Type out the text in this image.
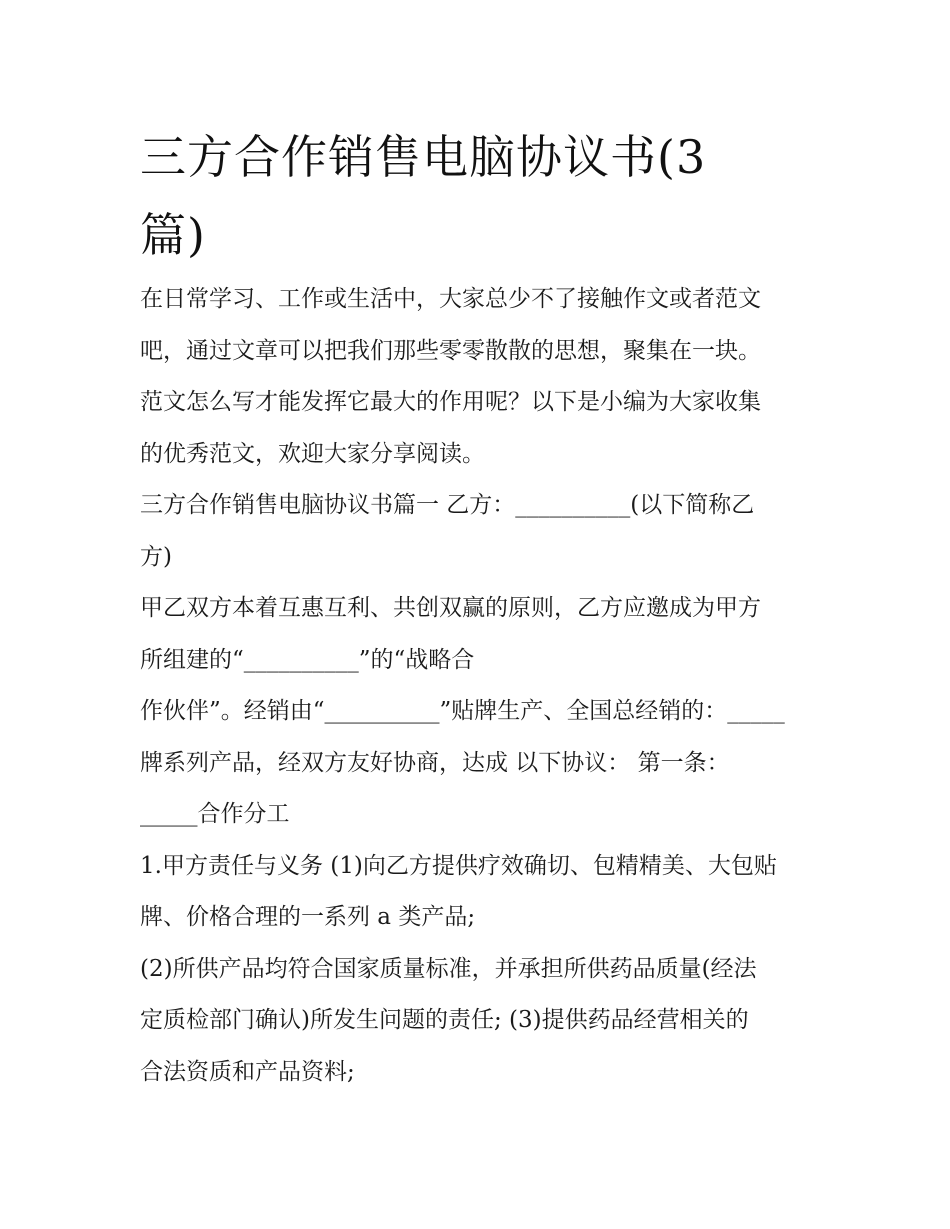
三方合作销售电脑协议书(3
篇)

在日常学习、工作或生活中，大家总少不了接触作文或者范文
吧，通过文章可以把我们那些零零散散的思想，聚集在一块。
范文怎么写才能发挥它最大的作用呢？以下是小编为大家收集
的优秀范文，欢迎大家分享阅读。

三方合作销售电脑协议书篇一 乙方：__________(以下简称乙
方)

甲乙双方本着互惠互利、共创双赢的原则，乙方应邀成为甲方
所组建的“__________”的“战略合

作伙伴”。经销由“__________”贴牌生产、全国总经销的：_____
牌系列产品，经双方友好协商，达成 以下协议： 第一条：
_____合作分工

1.甲方责任与义务 (1)向乙方提供疗效确切、包精精美、大包贴
牌、价格合理的一系列 a 类产品;

(2)所供产品均符合国家质量标准，并承担所供药品质量(经法
定质检部门确认)所发生问题的责任; (3)提供药品经营相关的
合法资质和产品资料;
